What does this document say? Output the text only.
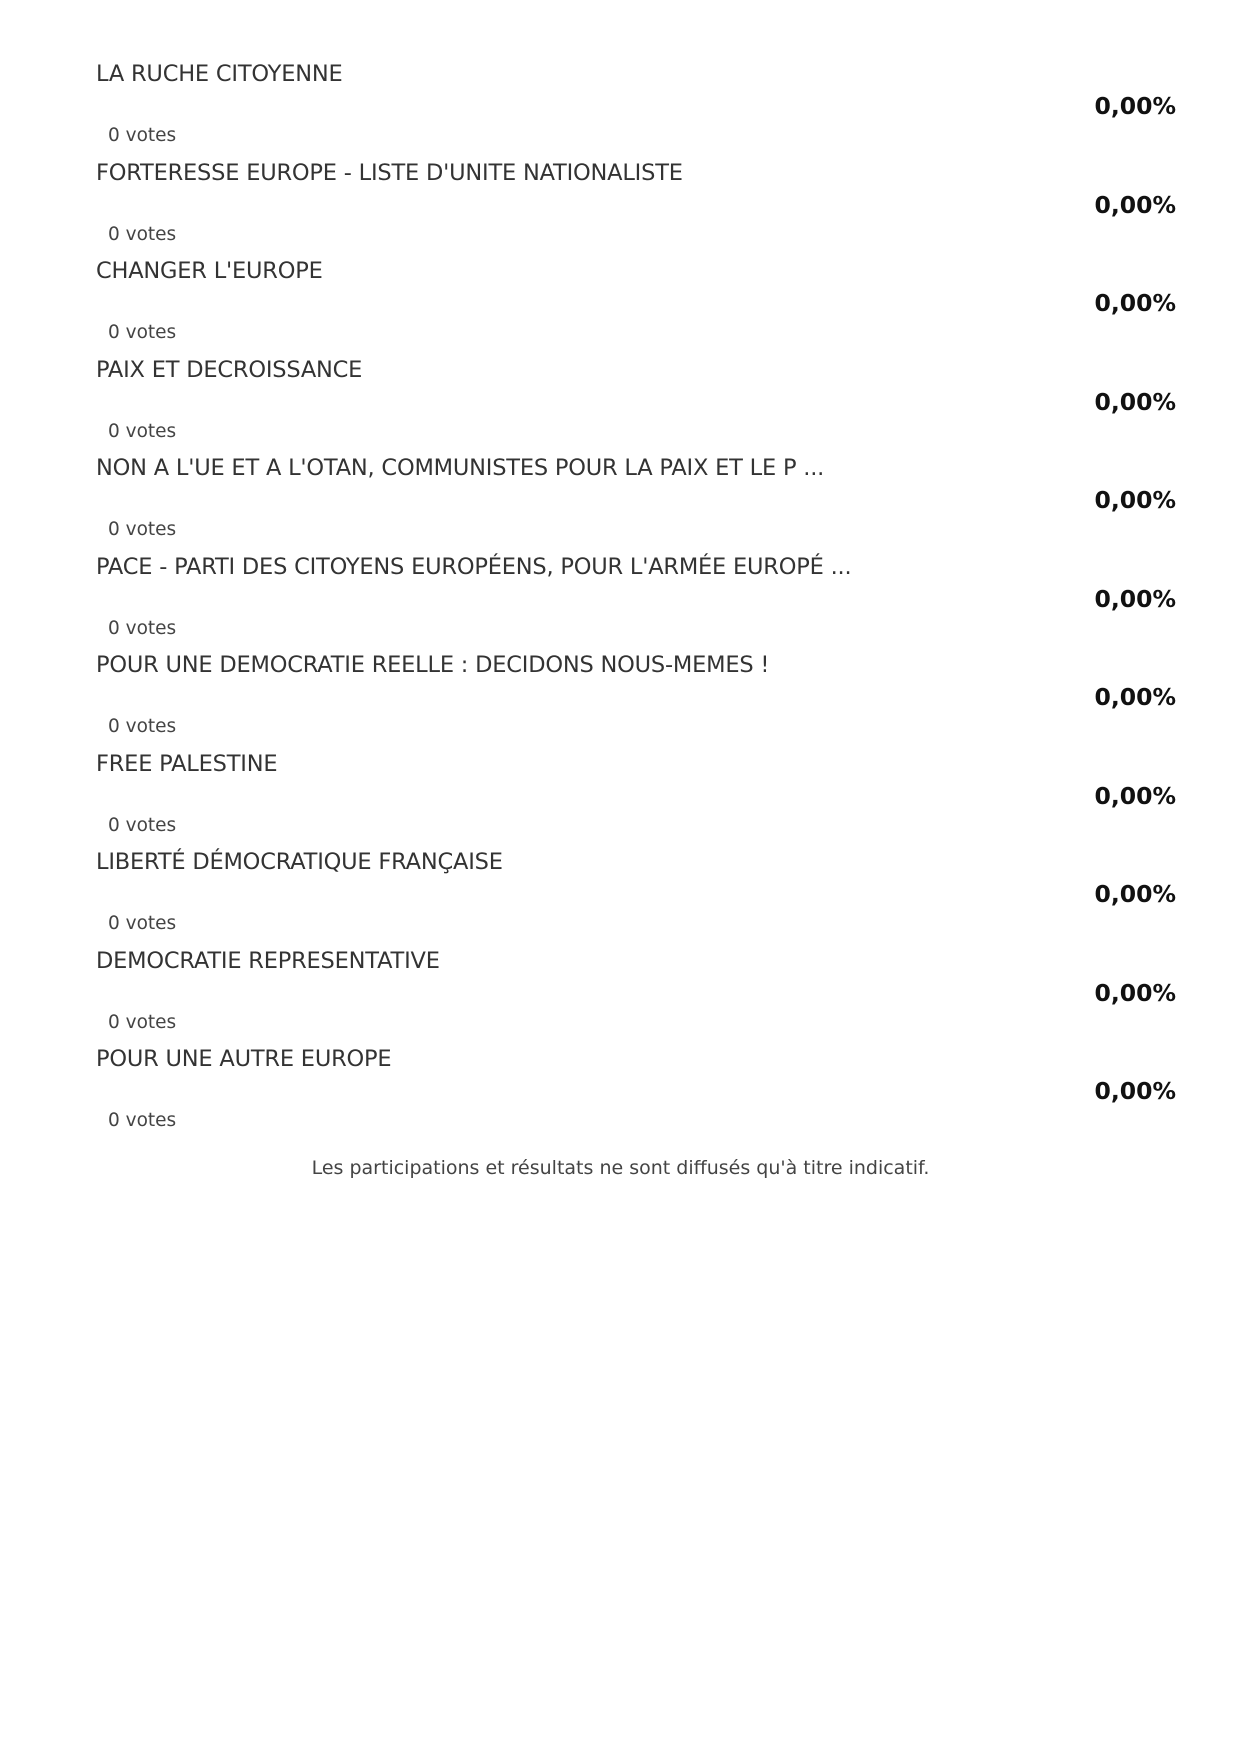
LA RUCHE CITOYENNE
0,00%
0 votes
FORTERESSE EUROPE - LISTE D'UNITE NATIONALISTE
0,00%
0 votes
CHANGER L'EUROPE
0,00%
0 votes
PAIX ET DECROISSANCE
0,00%
0 votes
NON A L'UE ET A L'OTAN, COMMUNISTES POUR LA PAIX ET LE P ...
0,00%
0 votes
PACE - PARTI DES CITOYENS EUROPÉENS, POUR L'ARMÉE EUROPÉ ...
0,00%
0 votes
POUR UNE DEMOCRATIE REELLE : DECIDONS NOUS-MEMES !
0,00%
0 votes
FREE PALESTINE
0,00%
0 votes
LIBERTÉ DÉMOCRATIQUE FRANÇAISE
0,00%
0 votes
DEMOCRATIE REPRESENTATIVE
0,00%
0 votes
POUR UNE AUTRE EUROPE
0,00%
0 votes
Les participations et résultats ne sont diffusés qu'à titre indicatif.
